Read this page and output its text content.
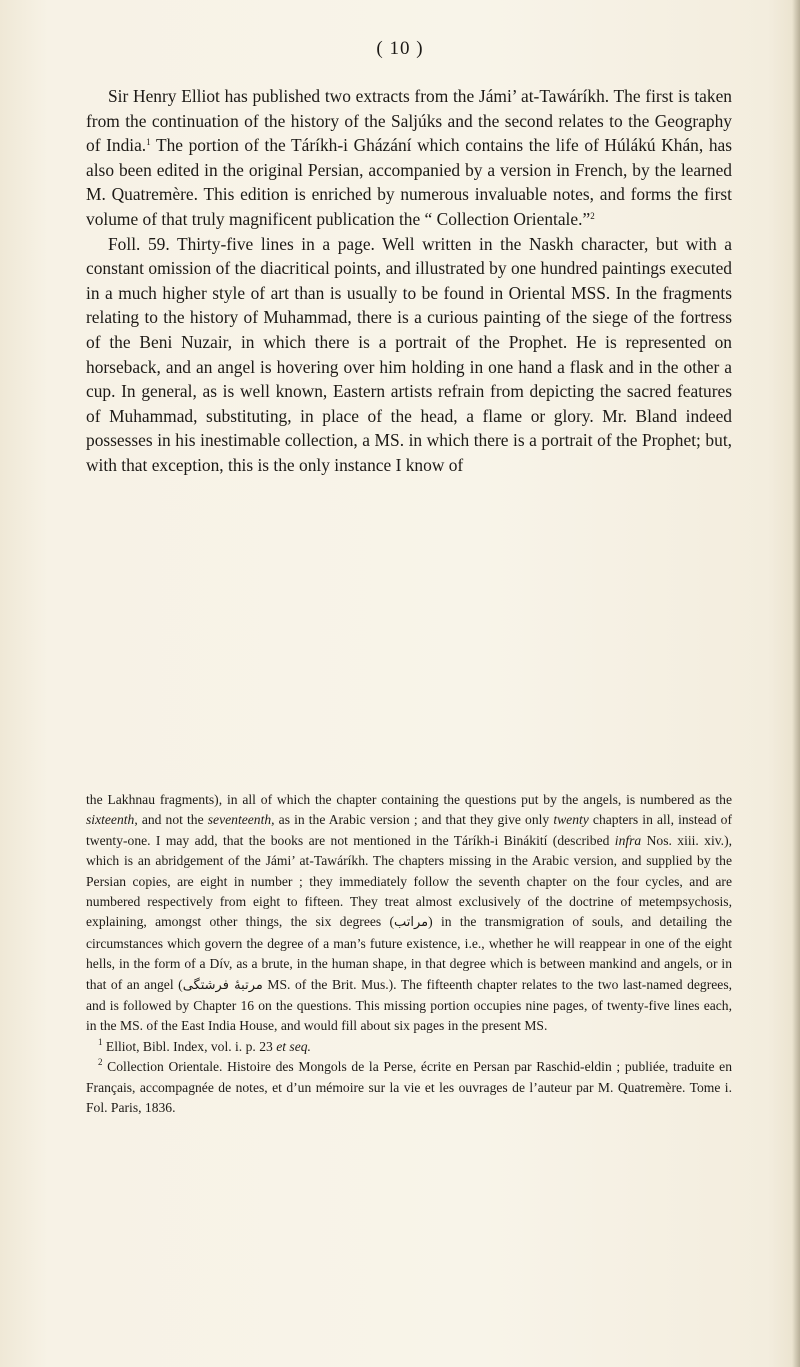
( 10 )

Sir Henry Elliot has published two extracts from the Jámi’ at-Tawáríkh. The first is taken from the continuation of the history of the Saljúks and the second relates to the Geography of India.$^1$ The portion of the Táríkh-i Gházání which contains the life of Húlákú Khán, has also been edited in the original Persian, accompanied by a version in French, by the learned M. Quatremère. This edition is enriched by numerous invaluable notes, and forms the first volume of that truly magnificent publication the “ Collection Orientale.”$^2$

Foll. 59. Thirty-five lines in a page. Well written in the Naskh character, but with a constant omission of the diacritical points, and illustrated by one hundred paintings executed in a much higher style of art than is usually to be found in Oriental MSS. In the fragments relating to the history of Muhammad, there is a curious painting of the siege of the fortress of the Beni Nuzair, in which there is a portrait of the Prophet. He is represented on horseback, and an angel is hovering over him holding in one hand a flask and in the other a cup. In general, as is well known, Eastern artists refrain from depicting the sacred features of Muhammad, substituting, in place of the head, a flame or glory. Mr. Bland indeed possesses in his inestimable collection, a MS. in which there is a portrait of the Prophet; but, with that exception, this is the only instance I know of

the Lakhnau fragments), in all of which the chapter containing the questions put by the angels, is numbered as the sixteenth, and not the seventeenth, as in the Arabic version ; and that they give only twenty chapters in all, instead of twenty-one. I may add, that the books are not mentioned in the Táríkh-i Binákití (described infra Nos. xiii. xiv.), which is an abridgement of the Jámi’ at-Tawáríkh. The chapters missing in the Arabic version, and supplied by the Persian copies, are eight in number ; they immediately follow the seventh chapter on the four cycles, and are numbered respectively from eight to fifteen. They treat almost exclusively of the doctrine of metempsychosis, explaining, amongst other things, the six degrees (مراتب) in the transmigration of souls, and detailing the circumstances which govern the degree of a man’s future existence, i.e., whether he will reappear in one of the eight hells, in the form of a Dív, as a brute, in the human shape, in that degree which is between mankind and angels, or in that of an angel (مرتبهٔ فرشتگی MS. of the Brit. Mus.). The fifteenth chapter relates to the two last-named degrees, and is followed by Chapter 16 on the questions. This missing portion occupies nine pages, of twenty-five lines each, in the MS. of the East India House, and would fill about six pages in the present MS.

$^1$ Elliot, Bibl. Index, vol. i. p. 23 et seq.

$^2$ Collection Orientale. Histoire des Mongols de la Perse, écrite en Persan par Raschid-eldin ; publiée, traduite en Français, accompagnée de notes, et d’un mémoire sur la vie et les ouvrages de l’auteur par M. Quatremère. Tome i. Fol. Paris, 1836.
